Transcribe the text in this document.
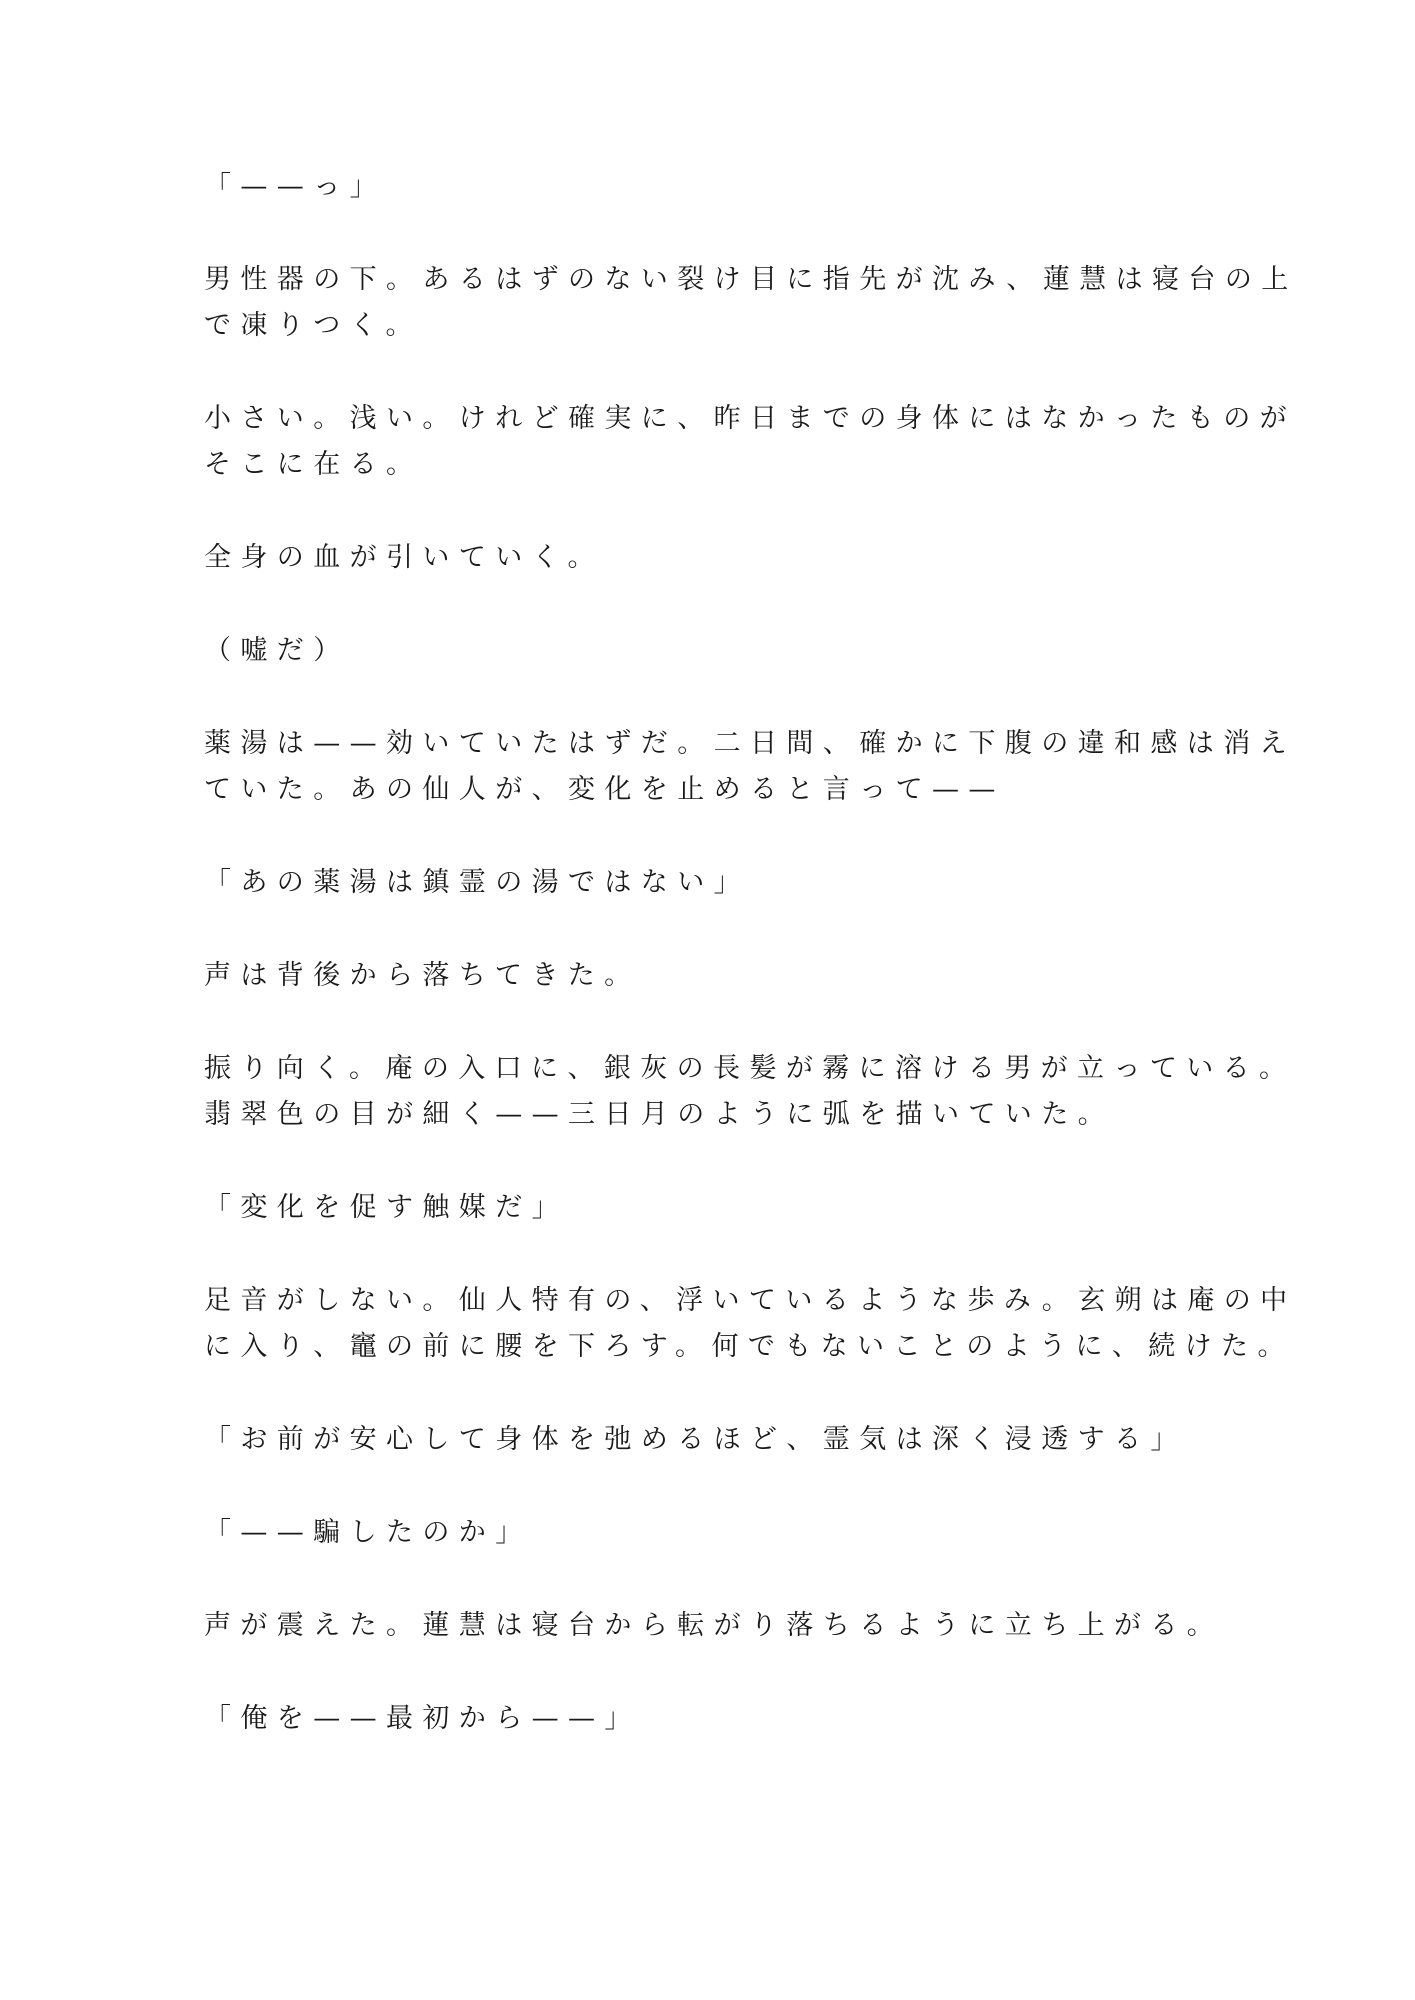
「——っ」

男性器の下。あるはずのない裂け目に指先が沈み、蓮慧は寝台の上
で凍りつく。

小さい。浅い。けれど確実に、昨日までの身体にはなかったものが
そこに在る。

全身の血が引いていく。

（嘘だ）

薬湯は——効いていたはずだ。二日間、確かに下腹の違和感は消え
ていた。あの仙人が、変化を止めると言って——

「あの薬湯は鎮霊の湯ではない」

声は背後から落ちてきた。

振り向く。庵の入口に、銀灰の長髪が霧に溶ける男が立っている。
翡翠色の目が細く——三日月のように弧を描いていた。

「変化を促す触媒だ」

足音がしない。仙人特有の、浮いているような歩み。玄朔は庵の中
に入り、竈の前に腰を下ろす。何でもないことのように、続けた。

「お前が安心して身体を弛めるほど、霊気は深く浸透する」

「——騙したのか」

声が震えた。蓮慧は寝台から転がり落ちるように立ち上がる。

「俺を——最初から——」
